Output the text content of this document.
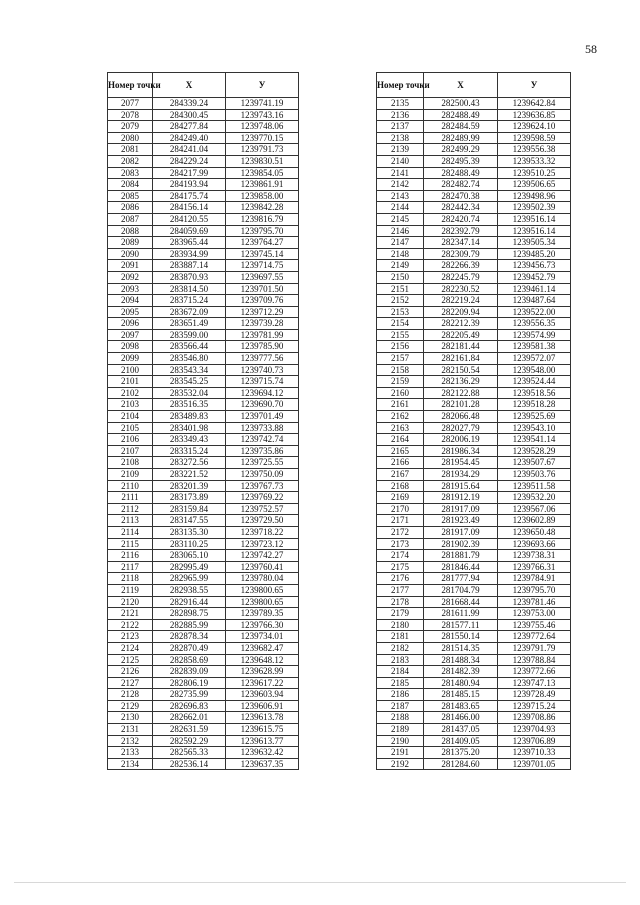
58
Номер точки	X	У
2077	284339.24	1239741.19
2078	284300.45	1239743.16
2079	284277.84	1239748.06
2080	284249.40	1239770.15
2081	284241.04	1239791.73
2082	284229.24	1239830.51
2083	284217.99	1239854.05
2084	284193.94	1239861.91
2085	284175.74	1239858.00
2086	284156.14	1239842.28
2087	284120.55	1239816.79
2088	284059.69	1239795.70
2089	283965.44	1239764.27
2090	283934.99	1239745.14
2091	283887.14	1239714.75
2092	283870.93	1239697.55
2093	283814.50	1239701.50
2094	283715.24	1239709.76
2095	283672.09	1239712.29
2096	283651.49	1239739.28
2097	283599.00	1239781.99
2098	283566.44	1239785.90
2099	283546.80	1239777.56
2100	283543.34	1239740.73
2101	283545.25	1239715.74
2102	283532.04	1239694.12
2103	283516.35	1239690.70
2104	283489.83	1239701.49
2105	283401.98	1239733.88
2106	283349.43	1239742.74
2107	283315.24	1239735.86
2108	283272.56	1239725.55
2109	283221.52	1239750.09
2110	283201.39	1239767.73
2111	283173.89	1239769.22
2112	283159.84	1239752.57
2113	283147.55	1239729.50
2114	283135.30	1239718.22
2115	283110.25	1239723.12
2116	283065.10	1239742.27
2117	282995.49	1239760.41
2118	282965.99	1239780.04
2119	282938.55	1239800.65
2120	282916.44	1239800.65
2121	282898.75	1239789.35
2122	282885.99	1239766.30
2123	282878.34	1239734.01
2124	282870.49	1239682.47
2125	282858.69	1239648.12
2126	282839.09	1239628.99
2127	282806.19	1239617.22
2128	282735.99	1239603.94
2129	282696.83	1239606.91
2130	282662.01	1239613.78
2131	282631.59	1239615.75
2132	282592.29	1239613.77
2133	282565.33	1239632.42
2134	282536.14	1239637.35
Номер точки	X	У
2135	282500.43	1239642.84
2136	282488.49	1239636.85
2137	282484.59	1239624.10
2138	282489.99	1239598.59
2139	282499.29	1239556.38
2140	282495.39	1239533.32
2141	282488.49	1239510.25
2142	282482.74	1239506.65
2143	282470.38	1239498.96
2144	282442.34	1239502.39
2145	282420.74	1239516.14
2146	282392.79	1239516.14
2147	282347.14	1239505.34
2148	282309.79	1239485.20
2149	282266.39	1239456.73
2150	282245.79	1239452.79
2151	282230.52	1239461.14
2152	282219.24	1239487.64
2153	282209.94	1239522.00
2154	282212.39	1239556.35
2155	282205.49	1239574.99
2156	282181.44	1239581.38
2157	282161.84	1239572.07
2158	282150.54	1239548.00
2159	282136.29	1239524.44
2160	282122.88	1239518.56
2161	282101.28	1239518.28
2162	282066.48	1239525.69
2163	282027.79	1239543.10
2164	282006.19	1239541.14
2165	281986.34	1239528.29
2166	281954.45	1239507.67
2167	281934.29	1239503.76
2168	281915.64	1239511.58
2169	281912.19	1239532.20
2170	281917.09	1239567.06
2171	281923.49	1239602.89
2172	281917.09	1239650.48
2173	281902.39	1239693.66
2174	281881.79	1239738.31
2175	281846.44	1239766.31
2176	281777.94	1239784.91
2177	281704.79	1239795.70
2178	281668.44	1239781.46
2179	281611.99	1239753.00
2180	281577.11	1239755.46
2181	281550.14	1239772.64
2182	281514.35	1239791.79
2183	281488.34	1239788.84
2184	281482.39	1239772.66
2185	281480.94	1239747.13
2186	281485.15	1239728.49
2187	281483.65	1239715.24
2188	281466.00	1239708.86
2189	281437.05	1239704.93
2190	281409.05	1239706.89
2191	281375.20	1239710.33
2192	281284.60	1239701.05
